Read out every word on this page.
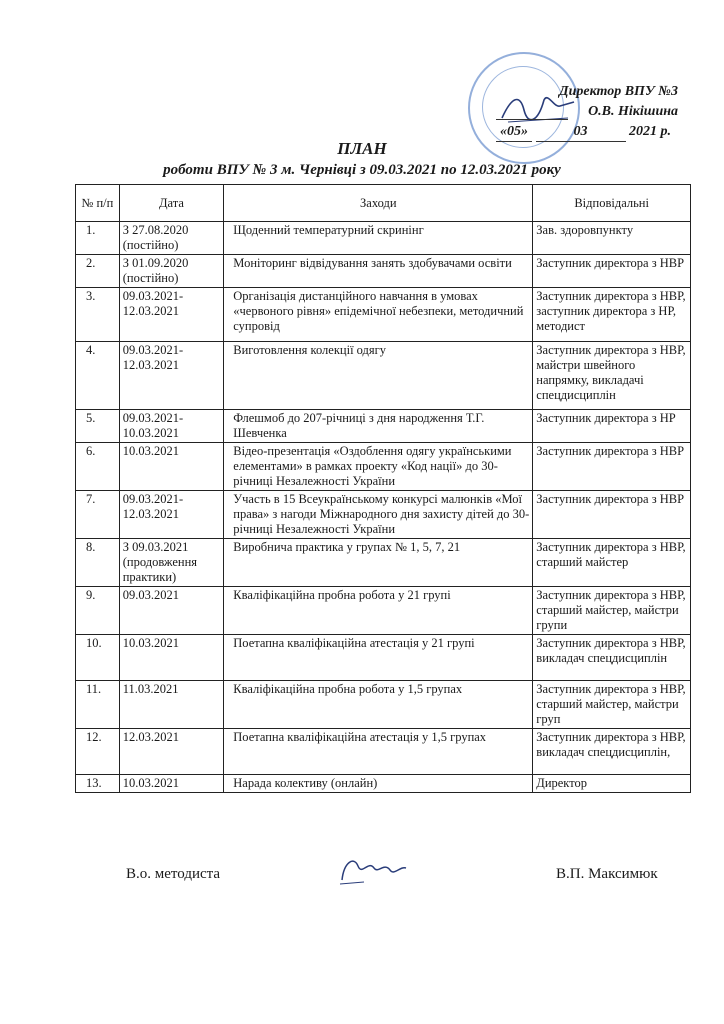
Директор ВПУ №3
О.В. Нікішина
«05»	03	2021 р.
ПЛАН
роботи ВПУ № 3 м. Чернівці з 09.03.2021 по 12.03.2021 року
№ п/п	Дата	Заходи	Відповідальні
1.	З 27.08.2020 (постійно)	Щоденний температурний скринінг	Зав. здоровпункту
2.	З 01.09.2020 (постійно)	Моніторинг відвідування занять здобувачами освіти	Заступник директора з НВР
3.	09.03.2021-12.03.2021	Організація дистанційного навчання в умовах «червоного рівня» епідемічної небезпеки, методичний супровід	Заступник директора з НВР, заступник директора з НР, методист
4.	09.03.2021-12.03.2021	Виготовлення колекції одягу	Заступник директора з НВР, майстри швейного напрямку, викладачі спецдисциплін
5.	09.03.2021-10.03.2021	Флешмоб до 207-річниці з дня народження Т.Г. Шевченка	Заступник директора з НР
6.	10.03.2021	Відео-презентація «Оздоблення одягу українськими елементами» в рамках проекту «Код нації» до 30-річниці Незалежності України	Заступник директора з НВР
7.	09.03.2021-12.03.2021	Участь в 15 Всеукраїнському конкурсі малюнків «Мої права» з нагоди Міжнародного дня захисту дітей до 30-річниці Незалежності України	Заступник директора з НВР
8.	З 09.03.2021 (продовження практики)	Виробнича практика у групах № 1, 5, 7, 21	Заступник директора з НВР, старший майстер
9.	09.03.2021	Кваліфікаційна пробна робота у 21 групі	Заступник директора з НВР, старший майстер, майстри групи
10.	10.03.2021	Поетапна кваліфікаційна атестація у 21 групі	Заступник директора з НВР, викладач спецдисциплін
11.	11.03.2021	Кваліфікаційна пробна робота у 1,5 групах	Заступник директора з НВР, старший майстер, майстри груп
12.	12.03.2021	Поетапна кваліфікаційна атестація у 1,5 групах	Заступник директора з НВР, викладач спецдисциплін,
13.	10.03.2021	Нарада колективу (онлайн)	Директор
В.о. методиста	В.П. Максимюк
